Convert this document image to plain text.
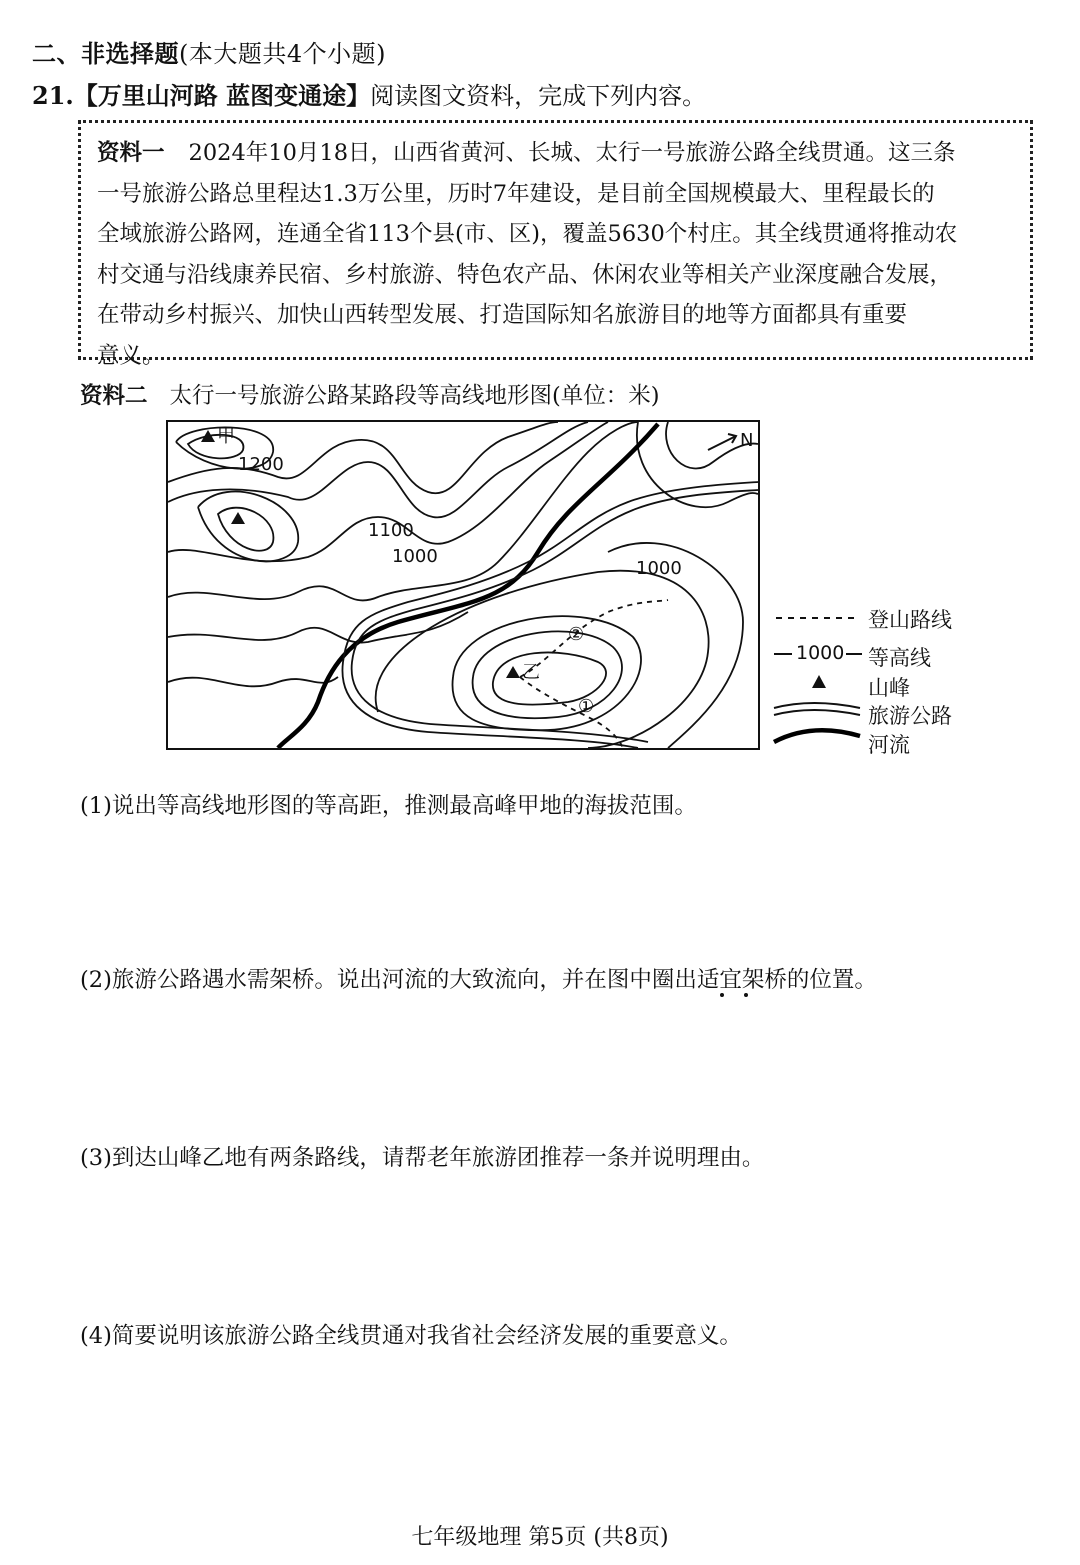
二、非选择题(本大题共4个小题)
21.【万里山河路 蓝图变通途】阅读图文资料，完成下列内容。
资料一 2024年10月18日，山西省黄河、长城、太行一号旅游公路全线贯通。这三条
一号旅游公路总里程达1.3万公里，历时7年建设，是目前全国规模最大、里程最长的
全域旅游公路网，连通全省113个县(市、区)，覆盖5630个村庄。其全线贯通将推动农
村交通与沿线康养民宿、乡村旅游、特色农产品、休闲农业等相关产业深度融合发展，
在带动乡村振兴、加快山西转型发展、打造国际知名旅游目的地等方面都具有重要
意义。
资料二 太行一号旅游公路某路段等高线地形图(单位：米)
甲	N
1200
1100
1000
1000
乙
②
①
登山路线
1000 等高线
山峰
旅游公路
河流
(1)说出等高线地形图的等高距，推测最高峰甲地的海拔范围。
(2)旅游公路遇水需架桥。说出河流的大致流向，并在图中圈出适宜架桥的位置。
(3)到达山峰乙地有两条路线，请帮老年旅游团推荐一条并说明理由。
(4)简要说明该旅游公路全线贯通对我省社会经济发展的重要意义。
七年级地理 第5页 (共8页)
